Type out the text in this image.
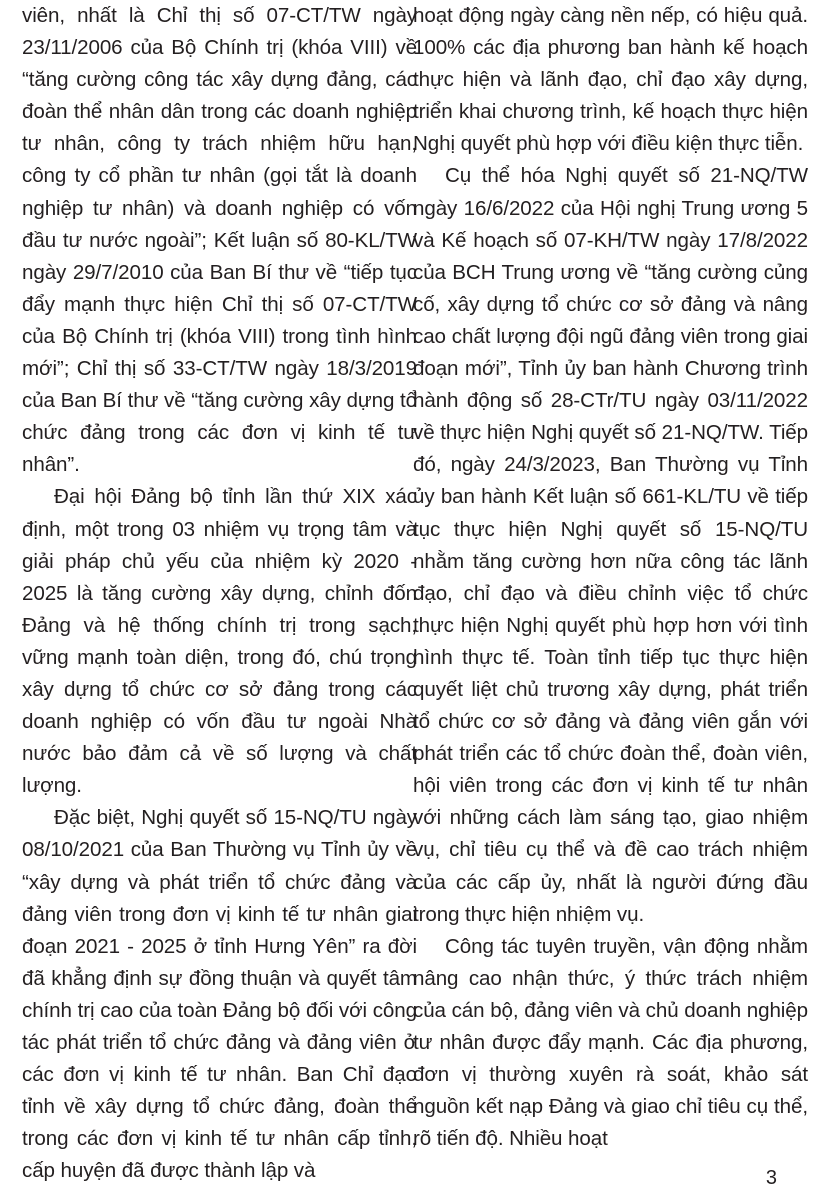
viên, nhất là Chỉ thị số 07-CT/TW ngày 23/11/2006 của Bộ Chính trị (khóa VIII) về “tăng cường công tác xây dựng đảng, các đoàn thể nhân dân trong các doanh nghiệp tư nhân, công ty trách nhiệm hữu hạn, công ty cổ phần tư nhân (gọi tắt là doanh nghiệp tư nhân) và doanh nghiệp có vốn đầu tư nước ngoài”; Kết luận số 80-KL/TW ngày 29/7/2010 của Ban Bí thư về “tiếp tục đẩy mạnh thực hiện Chỉ thị số 07-CT/TW của Bộ Chính trị (khóa VIII) trong tình hình mới”; Chỉ thị số 33-CT/TW ngày 18/3/2019 của Ban Bí thư về “tăng cường xây dựng tổ chức đảng trong các đơn vị kinh tế tư nhân”.

Đại hội Đảng bộ tỉnh lần thứ XIX xác định, một trong 03 nhiệm vụ trọng tâm và giải pháp chủ yếu của nhiệm kỳ 2020 - 2025 là tăng cường xây dựng, chỉnh đốn Đảng và hệ thống chính trị trong sạch, vững mạnh toàn diện, trong đó, chú trọng xây dựng tổ chức cơ sở đảng trong các doanh nghiệp có vốn đầu tư ngoài Nhà nước bảo đảm cả về số lượng và chất lượng.

Đặc biệt, Nghị quyết số 15-NQ/TU ngày 08/10/2021 của Ban Thường vụ Tỉnh ủy về “xây dựng và phát triển tổ chức đảng và đảng viên trong đơn vị kinh tế tư nhân giai đoạn 2021 - 2025 ở tỉnh Hưng Yên” ra đời đã khẳng định sự đồng thuận và quyết tâm chính trị cao của toàn Đảng bộ đối với công tác phát triển tổ chức đảng và đảng viên ở các đơn vị kinh tế tư nhân. Ban Chỉ đạo tỉnh về xây dựng tổ chức đảng, đoàn thể trong các đơn vị kinh tế tư nhân cấp tỉnh, cấp huyện đã được thành lập và

hoạt động ngày càng nền nếp, có hiệu quả. 100% các địa phương ban hành kế hoạch thực hiện và lãnh đạo, chỉ đạo xây dựng, triển khai chương trình, kế hoạch thực hiện Nghị quyết phù hợp với điều kiện thực tiễn.

Cụ thể hóa Nghị quyết số 21-NQ/TW ngày 16/6/2022 của Hội nghị Trung ương 5 và Kế hoạch số 07-KH/TW ngày 17/8/2022 của BCH Trung ương về “tăng cường củng cố, xây dựng tổ chức cơ sở đảng và nâng cao chất lượng đội ngũ đảng viên trong giai đoạn mới”, Tỉnh ủy ban hành Chương trình hành động số 28-CTr/TU ngày 03/11/2022 về thực hiện Nghị quyết số 21-NQ/TW. Tiếp đó, ngày 24/3/2023, Ban Thường vụ Tỉnh ủy ban hành Kết luận số 661-KL/TU về tiếp tục thực hiện Nghị quyết số 15-NQ/TU nhằm tăng cường hơn nữa công tác lãnh đạo, chỉ đạo và điều chỉnh việc tổ chức thực hiện Nghị quyết phù hợp hơn với tình hình thực tế. Toàn tỉnh tiếp tục thực hiện quyết liệt chủ trương xây dựng, phát triển tổ chức cơ sở đảng và đảng viên gắn với phát triển các tổ chức đoàn thể, đoàn viên, hội viên trong các đơn vị kinh tế tư nhân với những cách làm sáng tạo, giao nhiệm vụ, chỉ tiêu cụ thể và đề cao trách nhiệm của các cấp ủy, nhất là người đứng đầu trong thực hiện nhiệm vụ.

Công tác tuyên truyền, vận động nhằm nâng cao nhận thức, ý thức trách nhiệm của cán bộ, đảng viên và chủ doanh nghiệp tư nhân được đẩy mạnh. Các địa phương, đơn vị thường xuyên rà soát, khảo sát nguồn kết nạp Đảng và giao chỉ tiêu cụ thể, rõ tiến độ. Nhiều hoạt

3
